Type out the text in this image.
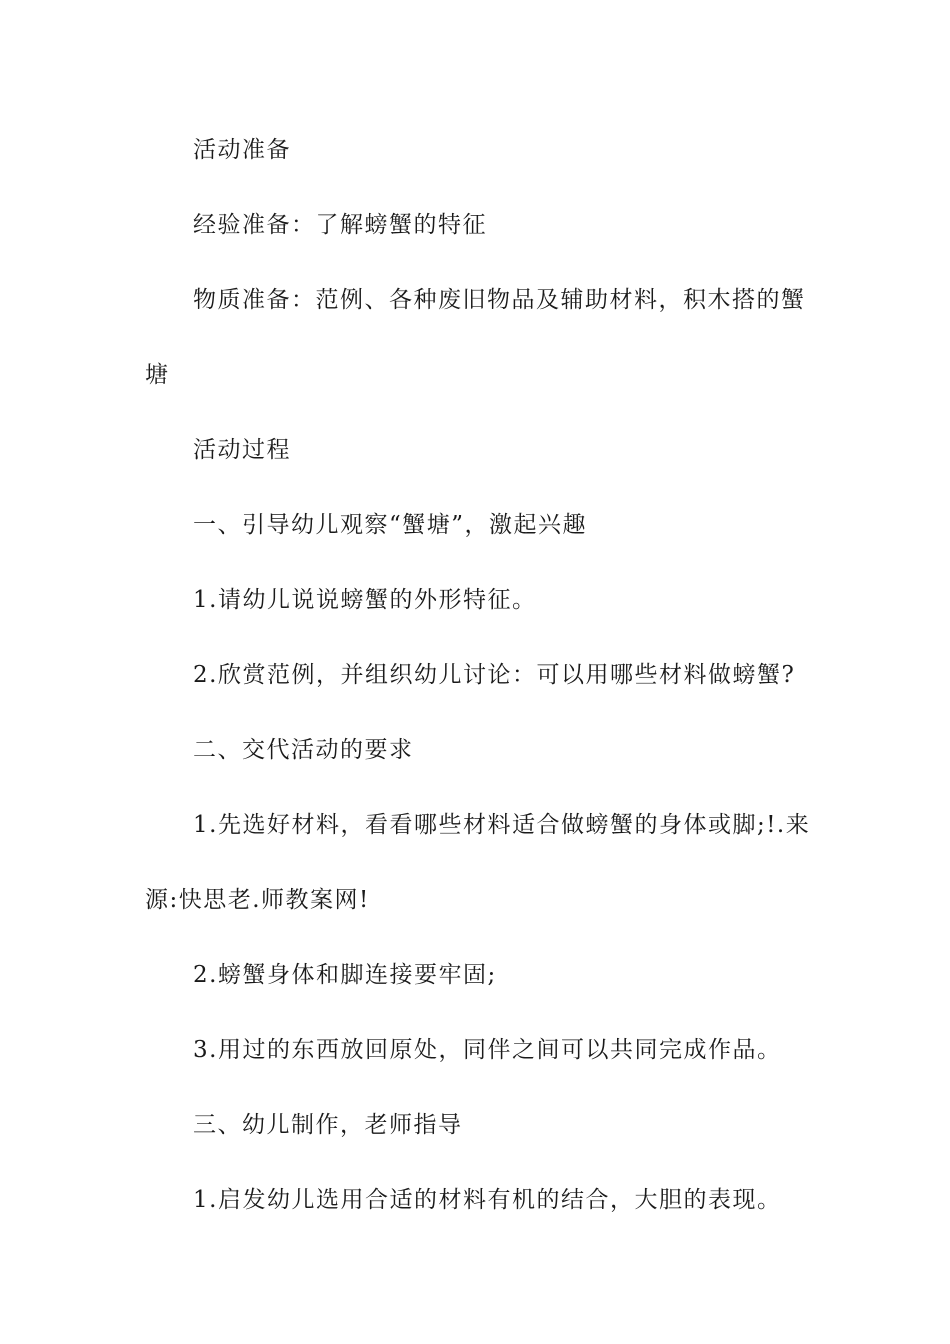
活动准备

经验准备：了解螃蟹的特征

物质准备：范例、各种废旧物品及辅助材料，积木搭的蟹塘

活动过程

一、引导幼儿观察“蟹塘”，激起兴趣

1.请幼儿说说螃蟹的外形特征。

2.欣赏范例，并组织幼儿讨论：可以用哪些材料做螃蟹?

二、交代活动的要求

1.先选好材料，看看哪些材料适合做螃蟹的身体或脚;!.来源:快思老.师教案网!

2.螃蟹身体和脚连接要牢固;

3.用过的东西放回原处，同伴之间可以共同完成作品。

三、幼儿制作，老师指导

1.启发幼儿选用合适的材料有机的结合，大胆的表现。
